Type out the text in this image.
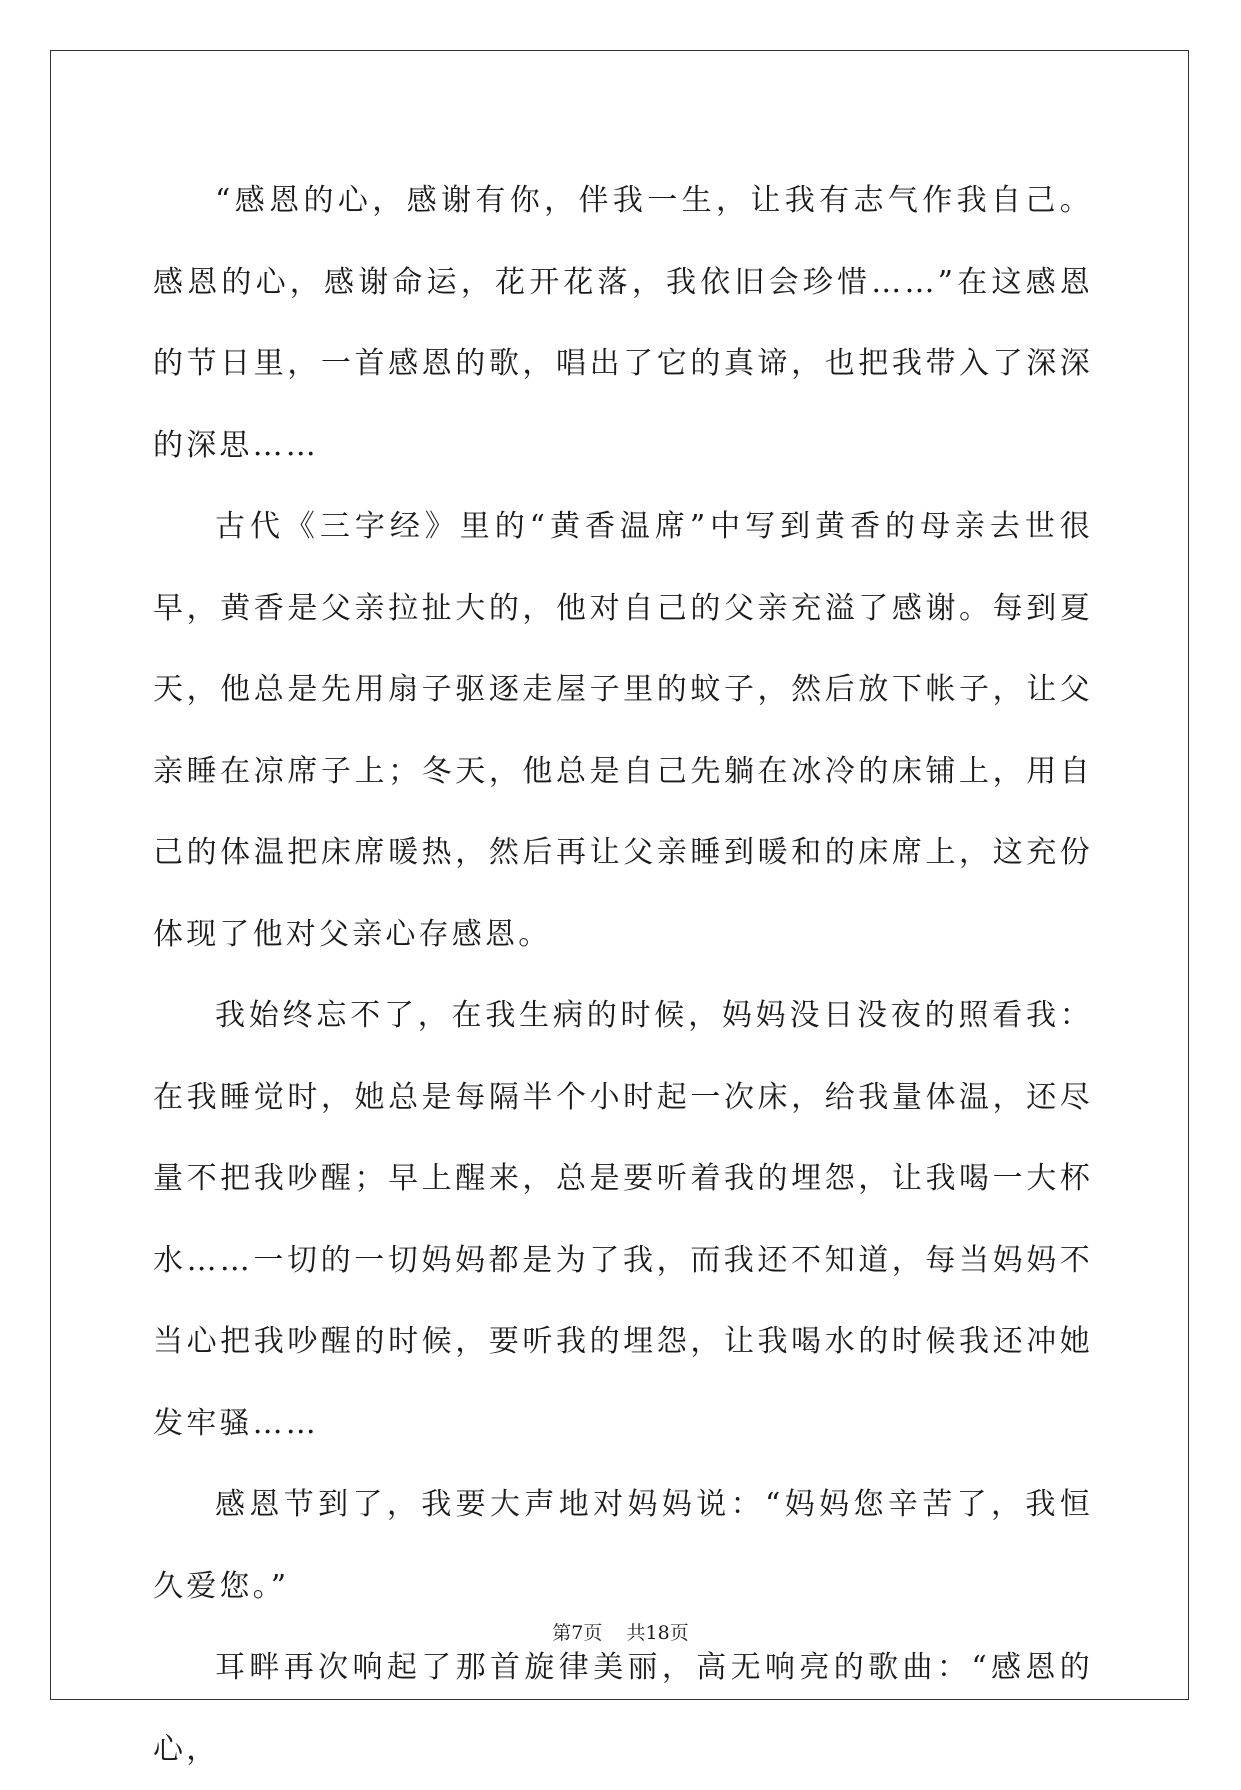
“感恩的心，感谢有你，伴我一生，让我有志气作我自己。感恩的心，感谢命运，花开花落，我依旧会珍惜……”在这感恩的节日里，一首感恩的歌，唱出了它的真谛，也把我带入了深深的深思……

古代《三字经》里的“黄香温席”中写到黄香的母亲去世很早，黄香是父亲拉扯大的，他对自己的父亲充溢了感谢。每到夏天，他总是先用扇子驱逐走屋子里的蚊子，然后放下帐子，让父亲睡在凉席子上；冬天，他总是自己先躺在冰冷的床铺上，用自己的体温把床席暖热，然后再让父亲睡到暖和的床席上，这充份体现了他对父亲心存感恩。

我始终忘不了，在我生病的时候，妈妈没日没夜的照看我：在我睡觉时，她总是每隔半个小时起一次床，给我量体温，还尽量不把我吵醒；早上醒来，总是要听着我的埋怨，让我喝一大杯水……一切的一切妈妈都是为了我，而我还不知道，每当妈妈不当心把我吵醒的时候，要听我的埋怨，让我喝水的时候我还冲她发牢骚……

感恩节到了，我要大声地对妈妈说：“妈妈您辛苦了，我恒久爱您。”

耳畔再次响起了那首旋律美丽，高无响亮的歌曲：“感恩的心，

第7页 共18页
